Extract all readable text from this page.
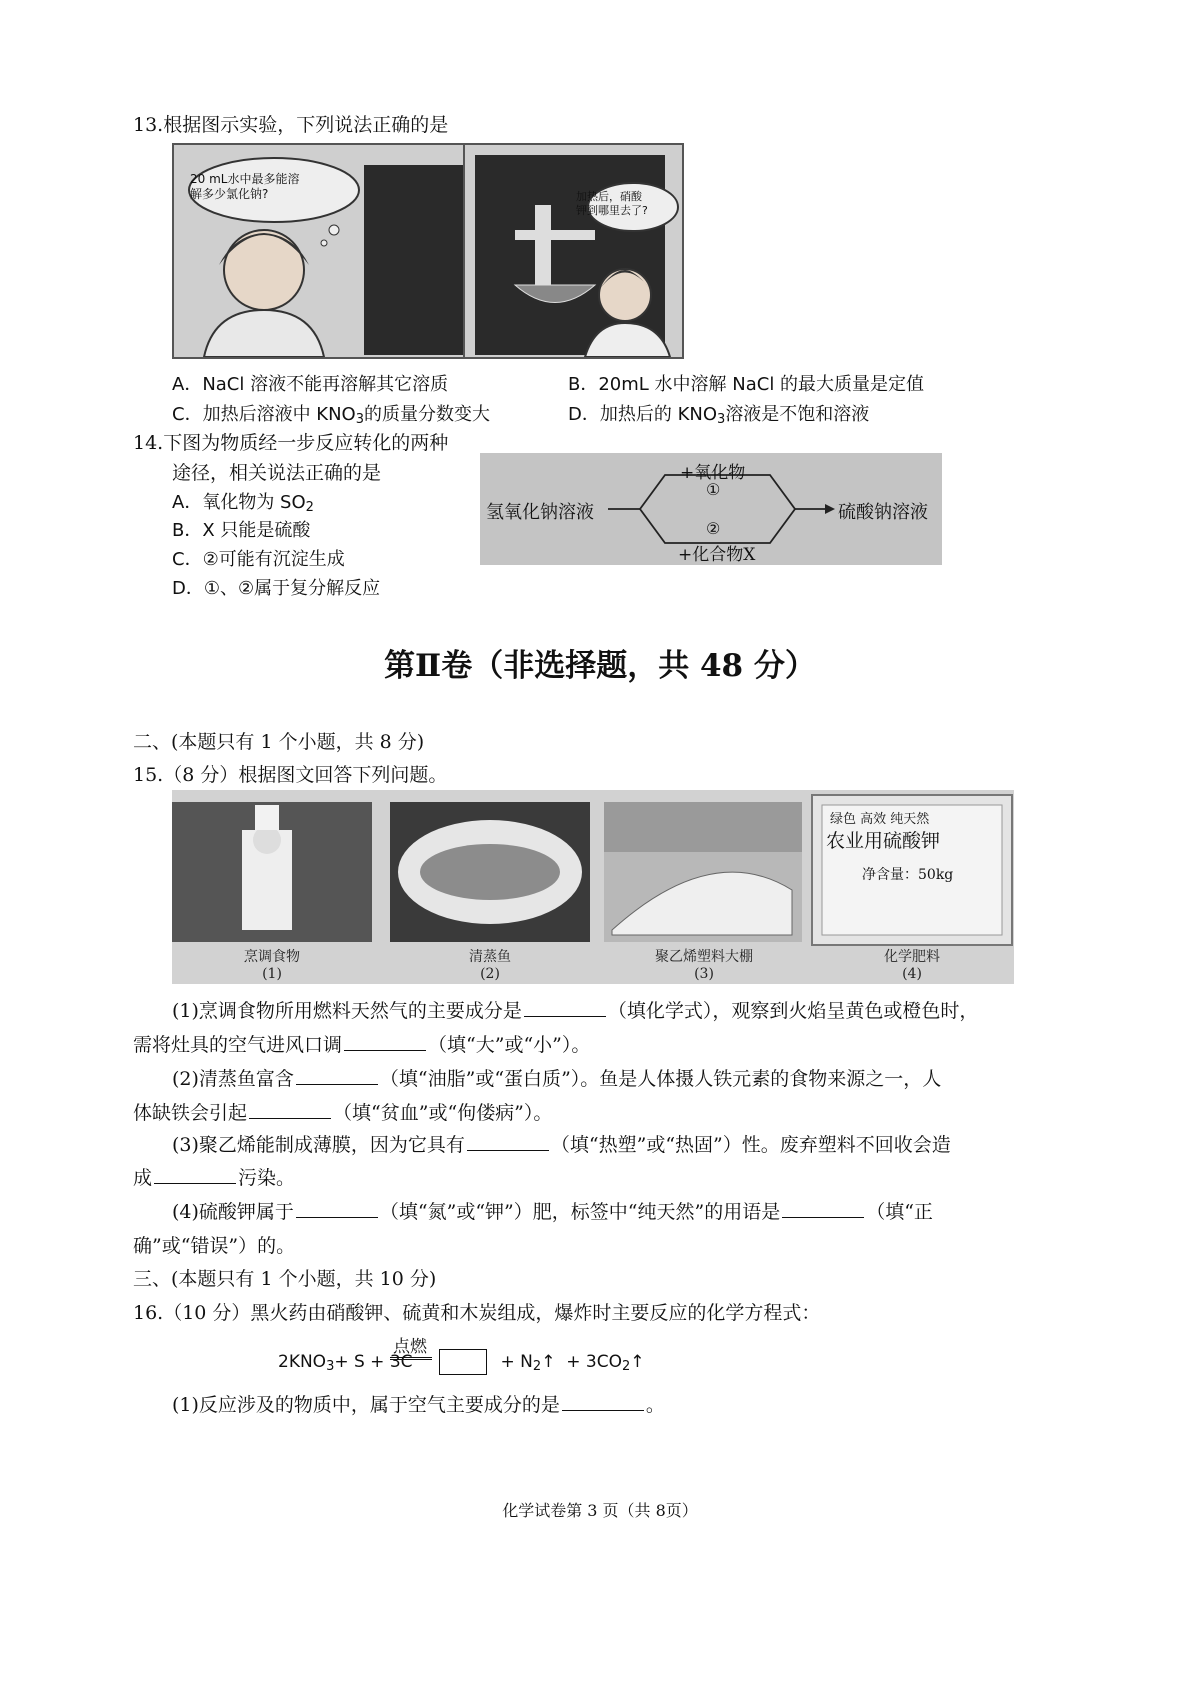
13.根据图示实验，下列说法正确的是
20 mL水中最多能溶解多少氯化钠?	加热后，硝酸钾到哪里去了?
A．NaCl 溶液不能再溶解其它溶质	B．20mL 水中溶解 NaCl 的最大质量是定值
C．加热后溶液中 $KNO_3$的质量分数变大	D．加热后的 $KNO_3$溶液是不饱和溶液
14.下图为物质经一步反应转化的两种
途径，相关说法正确的是
A．氧化物为 $SO_2$
B．X 只能是硫酸
C．②可能有沉淀生成
D．①、②属于复分解反应
氢氧化钠溶液	硫酸钠溶液
+氧化物
①
②
+化合物X
第Ⅱ卷（非选择题，共 48 分）
二、(本题只有 1 个小题，共 8 分)
15.（8 分）根据图文回答下列问题。
绿色 高效 纯天然
农业用硫酸钾
净含量：50kg
烹调食物
(1)
清蒸鱼
(2)
聚乙烯塑料大棚
(3)
化学肥料
(4)
(1)烹调食物所用燃料天然气的主要成分是	（填化学式），观察到火焰呈黄色或橙色时，
需将灶具的空气进风口调	（填“大”或“小”）。
(2)清蒸鱼富含	（填“油脂”或“蛋白质”）。鱼是人体摄人铁元素的食物来源之一，人
体缺铁会引起	（填“贫血”或“佝偻病”）。
(3)聚乙烯能制成薄膜，因为它具有	（填“热塑”或“热固”）性。废弃塑料不回收会造
成	污染。
(4)硫酸钾属于	（填“氮”或“钾”）肥，标签中“纯天然”的用语是	（填“正
确”或“错误”）的。
三、(本题只有 1 个小题，共 10 分)
16.（10 分）黑火药由硝酸钾、硫黄和木炭组成，爆炸时主要反应的化学方程式：
点燃
$2KNO_3+ S + 3C$	+ $N_2↑$ + $3CO_2↑$
(1)反应涉及的物质中，属于空气主要成分的是	。
化学试卷第 3 页（共 8页）
